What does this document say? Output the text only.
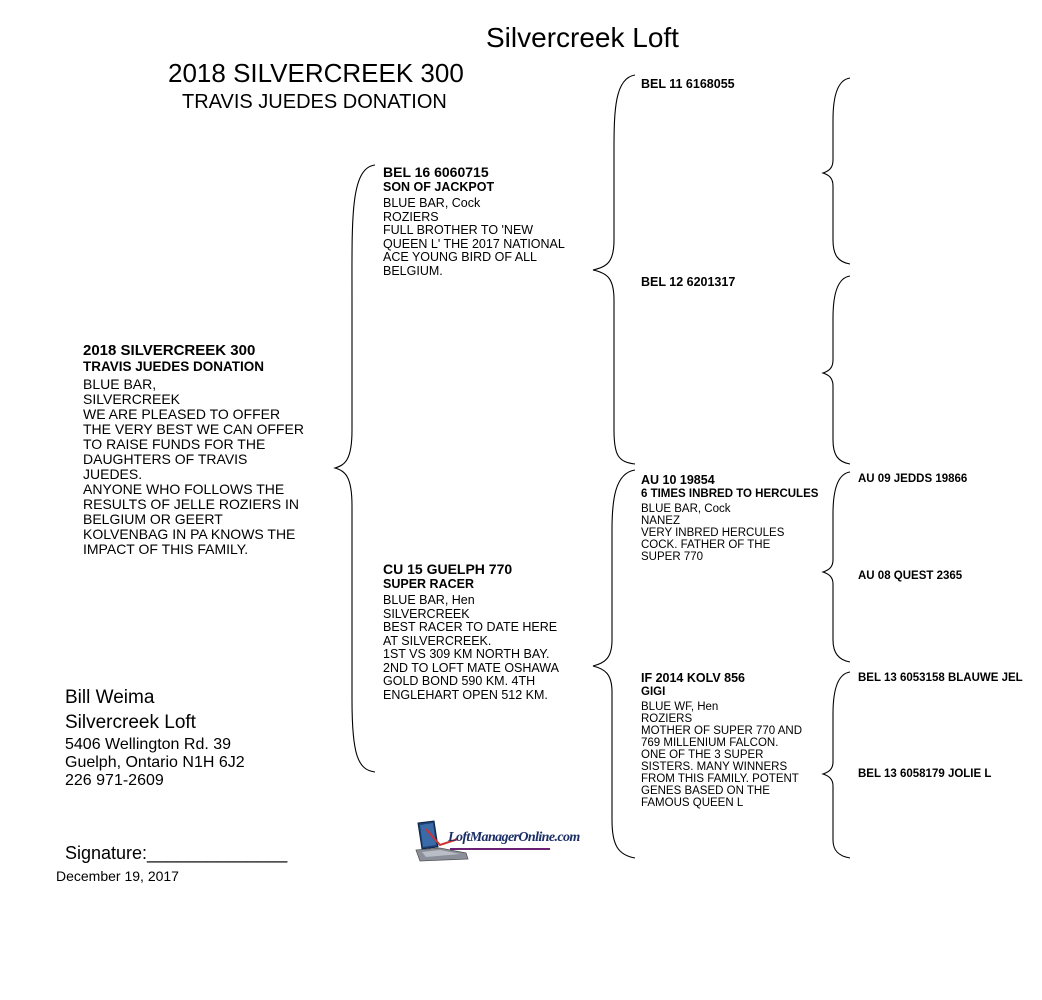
Silvercreek Loft
2018 SILVERCREEK 300
TRAVIS JUEDES DONATION
2018 SILVERCREEK 300
TRAVIS JUEDES DONATION
BLUE BAR,
SILVERCREEK
WE ARE PLEASED TO OFFER
THE VERY BEST WE CAN OFFER
TO RAISE FUNDS FOR THE
DAUGHTERS OF TRAVIS
JUEDES.
ANYONE WHO FOLLOWS THE
RESULTS OF JELLE ROZIERS IN
BELGIUM OR GEERT
KOLVENBAG IN PA KNOWS THE
IMPACT OF THIS FAMILY.
BEL 16 6060715
SON OF JACKPOT
BLUE BAR, Cock
ROZIERS
FULL BROTHER TO 'NEW
QUEEN L' THE 2017 NATIONAL
ACE YOUNG BIRD OF ALL
BELGIUM.
CU 15 GUELPH 770
SUPER RACER
BLUE BAR, Hen
SILVERCREEK
BEST RACER TO DATE HERE
AT SILVERCREEK.
1ST VS 309 KM NORTH BAY.
2ND TO LOFT MATE OSHAWA
GOLD BOND 590 KM. 4TH
ENGLEHART OPEN 512 KM.
BEL 11 6168055
BEL 12 6201317
AU 10 19854
6 TIMES INBRED TO HERCULES
BLUE BAR, Cock
NANEZ
VERY INBRED HERCULES
COCK. FATHER OF THE
SUPER 770
IF 2014 KOLV 856
GIGI
BLUE WF, Hen
ROZIERS
MOTHER OF SUPER 770 AND
769 MILLENIUM FALCON.
ONE OF THE 3 SUPER
SISTERS. MANY WINNERS
FROM THIS FAMILY. POTENT
GENES BASED ON THE
FAMOUS QUEEN L
AU 09 JEDDS 19866
AU 08 QUEST 2365
BEL 13 6053158 BLAUWE JEL
BEL 13 6058179 JOLIE L
Bill Weima
Silvercreek Loft
5406 Wellington Rd. 39
Guelph, Ontario N1H 6J2
226 971-2609
Signature:______________
December 19, 2017
LoftManagerOnline.com
